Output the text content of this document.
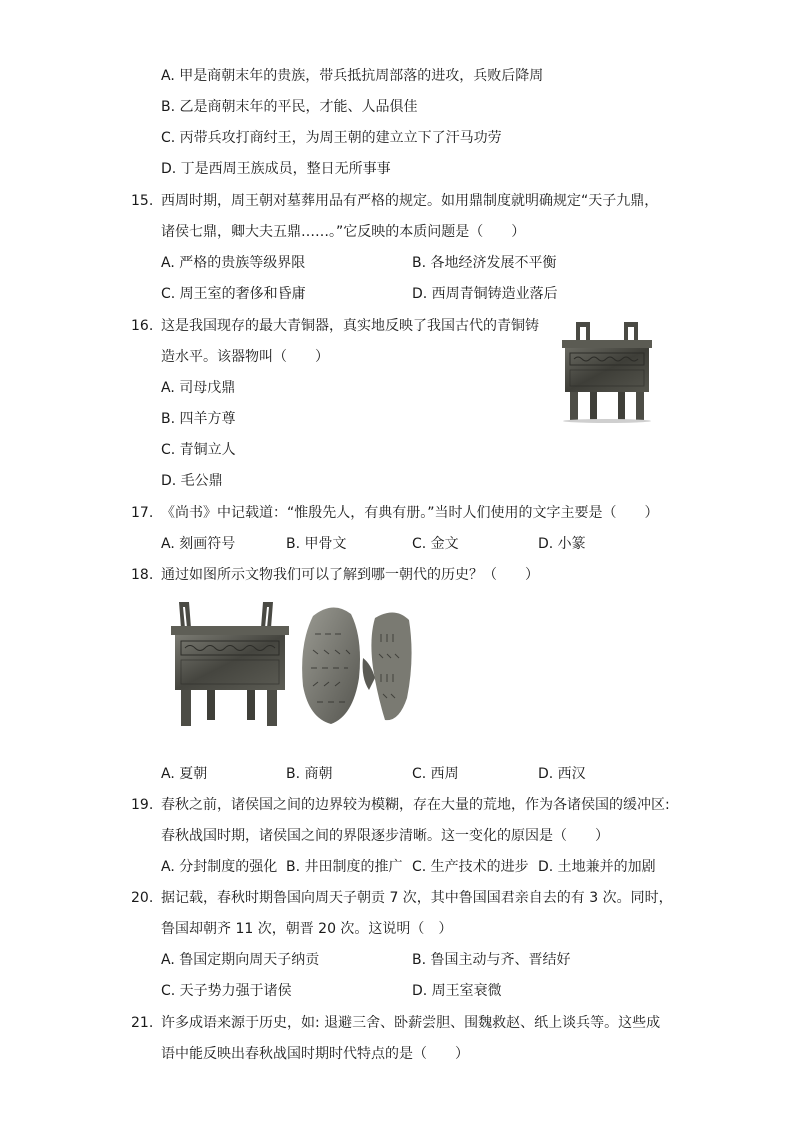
A. 甲是商朝末年的贵族，带兵抵抗周部落的进攻，兵败后降周
B. 乙是商朝末年的平民，才能、人品俱佳
C. 丙带兵攻打商纣王，为周王朝的建立立下了汗马功劳
D. 丁是西周王族成员，整日无所事事
15. 西周时期，周王朝对墓葬用品有严格的规定。如用鼎制度就明确规定“天子九鼎，
诸侯七鼎，卿大夫五鼎……。”它反映的本质问题是（　　）
A. 严格的贵族等级界限	B. 各地经济发展不平衡
C. 周王室的奢侈和昏庸	D. 西周青铜铸造业落后
16. 这是我国现存的最大青铜器，真实地反映了我国古代的青铜铸
造水平。该器物叫（　　）
A. 司母戊鼎
B. 四羊方尊
C. 青铜立人
D. 毛公鼎
17. 《尚书》中记载道：“惟殷先人，有典有册。”当时人们使用的文字主要是（　　）
A. 刻画符号	B. 甲骨文	C. 金文	D. 小篆
18. 通过如图所示文物我们可以了解到哪一朝代的历史？（　　）
A. 夏朝	B. 商朝	C. 西周	D. 西汉
19. 春秋之前，诸侯国之间的边界较为模糊，存在大量的荒地，作为各诸侯国的缓冲区:
春秋战国时期，诸侯国之间的界限逐步清晰。这一变化的原因是（　　）
A. 分封制度的强化 B. 井田制度的推广 C. 生产技术的进步 D. 土地兼并的加剧
20. 据记载，春秋时期鲁国向周天子朝贡 7 次，其中鲁国国君亲自去的有 3 次。同时，
鲁国却朝齐 11 次，朝晋 20 次。这说明（　）
A. 鲁国定期向周天子纳贡	B. 鲁国主动与齐、晋结好
C. 天子势力强于诸侯	D. 周王室衰微
21. 许多成语来源于历史，如: 退避三舍、卧薪尝胆、围魏救赵、纸上谈兵等。这些成
语中能反映出春秋战国时期时代特点的是（　　）
